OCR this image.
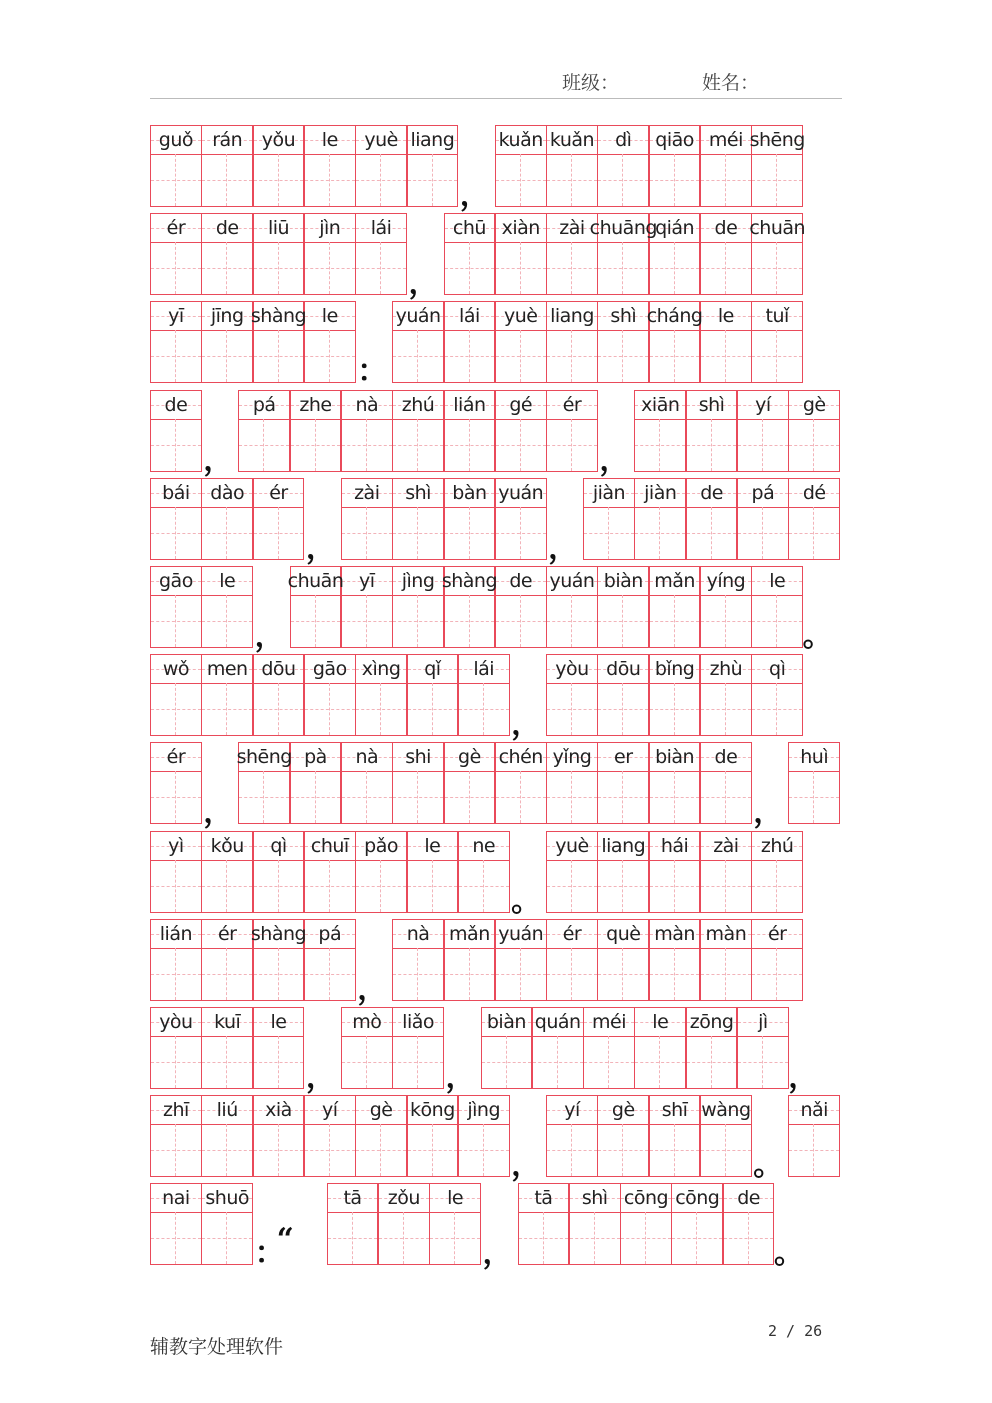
班级：	姓名：
guǒ rán yǒu le yuè liang
，
kuǎn kuǎn dì qiāo méi shēng
ér de liū jìn lái
，
chū xiàn zài chuāng
qián de chuān
yī jīng shàng le
：
yuán lái yuè liang shì cháng le tuǐ
de
，
pá zhe nà zhú lián gé ér
，
xiān shì yí gè
bái dào ér
，
zài shì bàn yuán
，
jiàn jiàn de pá dé
gāo le
，
chuān yī jìng shàng de yuán biàn mǎn yíng le
。
wǒ men dōu gāo xìng qǐ lái
，
yòu dōu bǐng zhù qì
ér
，
shēng pà nà shi gè chén yǐng er biàn de
，
huì
yì kǒu qì chuī pǎo le ne
。
yuè liang hái zài zhú
lián ér shàng pá
，
nà mǎn yuán ér què màn màn ér
yòu kuī le
，
mò liǎo
，
biàn quán méi le zōng jì
，
zhī liú xià yí gè kōng jìng
，
yí gè shī wàng
。
nǎi
nai shuō
：
“
tā zǒu le
，
tā shì cōng cōng de
。
辅教字处理软件
2 / 26
